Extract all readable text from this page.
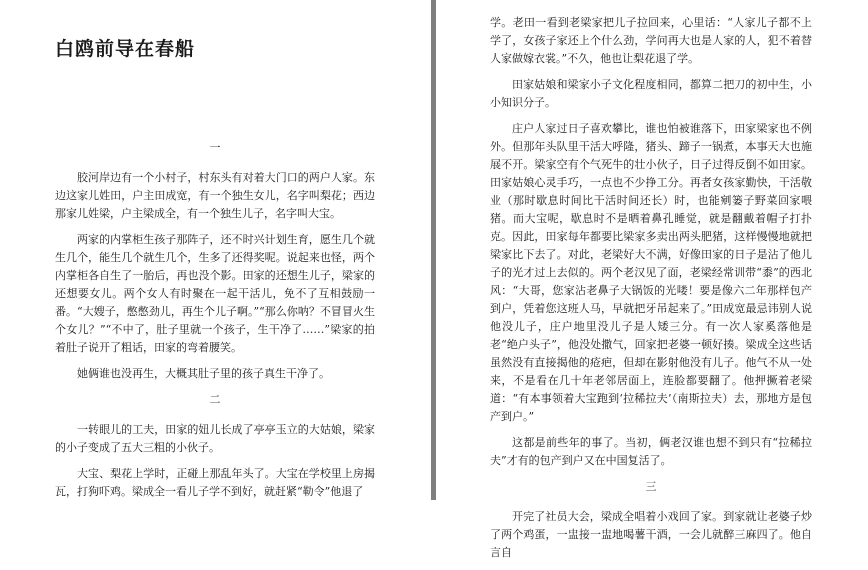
白鸥前导在春船
一

胶河岸边有一个小村子，村东头有对着大门口的两户人家。东边这家儿姓田，户主田成宽，有一个独生女儿，名字叫梨花；西边那家儿姓梁，户主梁成全，有一个独生儿子，名字叫大宝。

两家的内掌柜生孩子那阵子，还不时兴计划生育，愿生几个就生几个，能生几个就生几个，生多了还得奖呢。说起来也怪，两个内掌柜各自生了一胎后，再也没个影。田家的还想生儿子，梁家的还想要女儿。两个女人有时聚在一起干活儿，免不了互相鼓励一番。“大嫂子，憋憋劲儿，再生个儿子啊。”“那么你呐？不冒冒火生个女儿？”“不中了，肚子里就一个孩子，生干净了……”梁家的拍着肚子说开了粗话，田家的弯着腰笑。

她俩谁也没再生，大概其肚子里的孩子真生干净了。

二

一转眼儿的工夫，田家的妞儿长成了亭亭玉立的大姑娘，梁家的小子变成了五大三粗的小伙子。

大宝、梨花上学时，正碰上那乱年头了。大宝在学校里上房揭瓦，打狗吓鸡。梁成全一看儿子学不到好，就赶紧“勒令”他退了

学。老田一看到老梁家把儿子拉回来，心里话：“人家儿子都不上学了，女孩子家还上个什么劲，学问再大也是人家的人，犯不着替人家做嫁衣裳。”不久，他也让梨花退了学。

田家姑娘和梁家小子文化程度相同，都算二把刀的初中生，小小知识分子。

庄户人家过日子喜欢攀比，谁也怕被谁落下，田家梁家也不例外。但那年头队里干活大呼隆，猪头、蹄子一锅煮，本事天大也施展不开。梁家空有个气死牛的壮小伙子，日子过得反倒不如田家。田家姑娘心灵手巧，一点也不少挣工分。再者女孩家勤快，干活敬业（那时歇息时间比干活时间还长）时，也能剜篓子野菜回家喂猪。而大宝呢，歇息时不是晒着鼻孔睡觉，就是翻戴着帽子打扑克。因此，田家每年都要比梁家多卖出两头肥猪，这样慢慢地就把梁家比下去了。对此，老梁好大不满，好像田家的日子是沾了他儿子的光才过上去似的。两个老汉见了面，老梁经常训带“黍”的西北风：“大哥，您家沾老鼻子大锅饭的光喽！要是像六二年那样包产到户，凭着您这班人马，早就把牙吊起来了。”田成宽最忌讳别人说他没儿子，庄户地里没儿子是人矮三分。有一次人家奚落他是老“绝户头子”，他没处撒气，回家把老婆一顿好揍。梁成全这些话虽然没有直接揭他的疮疤，但却在影射他没有儿子。他气不从一处来，不是看在几十年老邻居面上，连脸都要翻了。他押撅着老梁道：“有本事领着大宝跑到‘拉稀拉夫’（南斯拉夫）去，那地方是包产到户。”

这都是前些年的事了。当初，俩老汉谁也想不到只有“拉稀拉夫”才有的包产到户又在中国复活了。

三

开完了社员大会，梁成全唱着小戏回了家。到家就让老婆子炒了两个鸡蛋，一盅接一盅地喝薯干酒，一会儿就醉三麻四了。他自言自
